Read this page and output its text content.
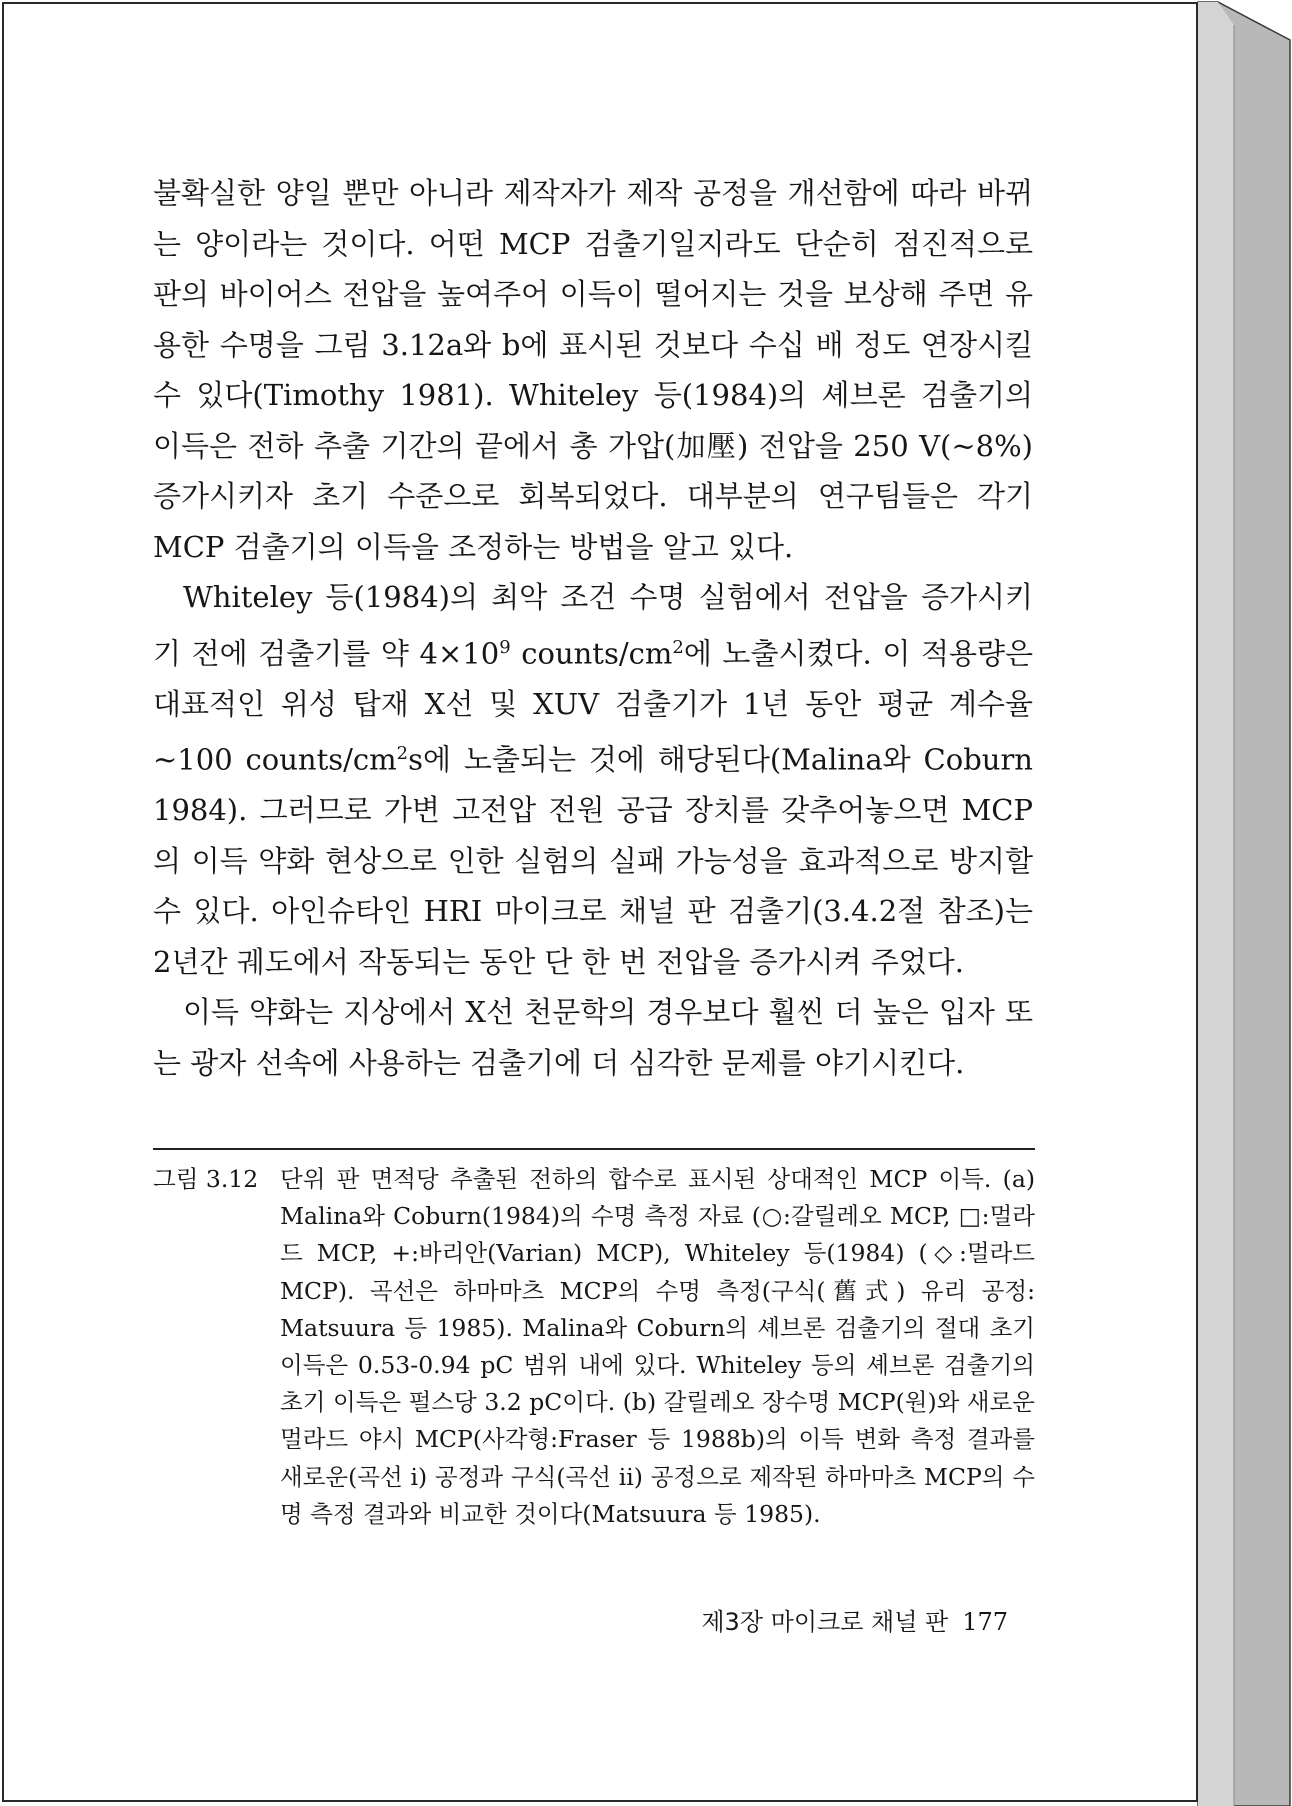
불확실한 양일 뿐만 아니라 제작자가 제작 공정을 개선함에 따라 바뀌는 양이라는 것이다. 어떤 MCP 검출기일지라도 단순히 점진적으로 판의 바이어스 전압을 높여주어 이득이 떨어지는 것을 보상해 주면 유용한 수명을 그림 3.12a와 b에 표시된 것보다 수십 배 정도 연장시킬 수 있다(Timothy 1981). Whiteley 등(1984)의 셰브론 검출기의 이득은 전하 추출 기간의 끝에서 총 가압(加壓) 전압을 250 V(~8%) 증가시키자 초기 수준으로 회복되었다. 대부분의 연구팀들은 각기 MCP 검출기의 이득을 조정하는 방법을 알고 있다.

Whiteley 등(1984)의 최악 조건 수명 실험에서 전압을 증가시키기 전에 검출기를 약 $4\times 10^9$ counts/$cm^2$에 노출시켰다. 이 적용량은 대표적인 위성 탑재 X선 및 XUV 검출기가 1년 동안 평균 계수율 ~100 counts/$cm^2s$에 노출되는 것에 해당된다(Malina와 Coburn 1984). 그러므로 가변 고전압 전원 공급 장치를 갖추어놓으면 MCP의 이득 약화 현상으로 인한 실험의 실패 가능성을 효과적으로 방지할 수 있다. 아인슈타인 HRI 마이크로 채널 판 검출기(3.4.2절 참조)는 2년간 궤도에서 작동되는 동안 단 한 번 전압을 증가시켜 주었다.

이득 약화는 지상에서 X선 천문학의 경우보다 훨씬 더 높은 입자 또는 광자 선속에 사용하는 검출기에 더 심각한 문제를 야기시킨다.

그림 3.12 단위 판 면적당 추출된 전하의 합수로 표시된 상대적인 MCP 이득. (a) Malina와 Coburn(1984)의 수명 측정 자료 (○:갈릴레오 MCP, □:멀라드 MCP, +:바리안(Varian) MCP), Whiteley 등(1984) (◇:멀라드 MCP). 곡선은 하마마츠 MCP의 수명 측정(구식(舊式) 유리 공정: Matsuura 등 1985). Malina와 Coburn의 셰브론 검출기의 절대 초기 이득은 0.53-0.94 pC 범위 내에 있다. Whiteley 등의 셰브론 검출기의 초기 이득은 펄스당 3.2 pC이다. (b) 갈릴레오 장수명 MCP(원)와 새로운 멀라드 야시 MCP(사각형:Fraser 등 1988b)의 이득 변화 측정 결과를 새로운(곡선 i) 공정과 구식(곡선 ii) 공정으로 제작된 하마마츠 MCP의 수명 측정 결과와 비교한 것이다(Matsuura 등 1985).
제3장 마이크로 채널 판 177
